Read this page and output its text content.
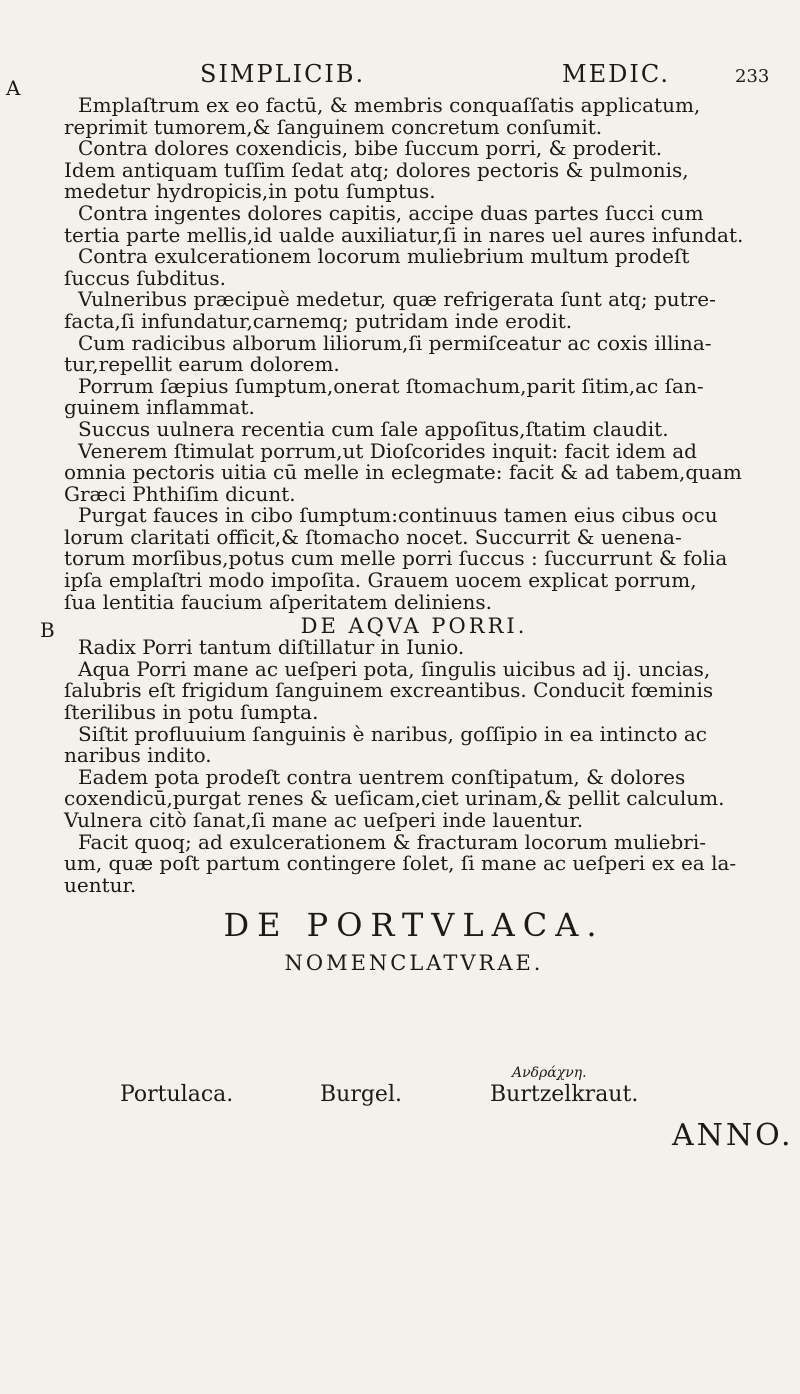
SIMPLICIB.	MEDIC.	233
A
B

Emplaſtrum ex eo factū, & membris conquaſſatis applicatum,
reprimit tumorem,& ſanguinem concretum conſumit.

Contra dolores coxendicis, bibe ſuccum porri, & proderit.
Idem antiquam tuſſim ſedat atq; dolores pectoris & pulmonis,
medetur hydropicis,in potu ſumptus.

Contra ingentes dolores capitis, accipe duas partes ſucci cum
tertia parte mellis,id ualde auxiliatur,ſi in nares uel aures infundat.

Contra exulcerationem locorum muliebrium multum prodeſt
ſuccus ſubditus.

Vulneribus præcipuè medetur, quæ refrigerata ſunt atq; putre-
facta,ſi infundatur,carnemq; putridam inde erodit.

Cum radicibus alborum liliorum,ſi permiſceatur ac coxis illina-
tur,repellit earum dolorem.

Porrum ſæpius ſumptum,onerat ſtomachum,parit ſitim,ac ſan-
guinem inflammat.

Succus uulnera recentia cum ſale appoſitus,ſtatim claudit.

Venerem ſtimulat porrum,ut Dioſcorides inquit: facit idem ad
omnia pectoris uitia cū melle in eclegmate: facit & ad tabem,quam
Græci Phthiſim dicunt.

Purgat fauces in cibo ſumptum:continuus tamen eius cibus ocu
lorum claritati officit,& ſtomacho nocet. Succurrit & uenena-
torum morſibus,potus cum melle porri ſuccus : ſuccurrunt & folia
ipſa emplaſtri modo impoſita. Grauem uocem explicat porrum,
ſua lentitia faucium aſperitatem deliniens.

DE AQVA PORRI.

Radix Porri tantum diſtillatur in Iunio.

Aqua Porri mane ac ueſperi pota, ſingulis uicibus ad ij. uncias,
ſalubris eſt frigidum ſanguinem excreantibus. Conducit fœminis
ſterilibus in potu ſumpta.

Siſtit profluuium ſanguinis è naribus, goſſipio in ea intincto ac
naribus indito.

Eadem pota prodeſt contra uentrem conſtipatum, & dolores
coxendicū,purgat renes & ueſicam,ciet urinam,& pellit calculum.
Vulnera citò ſanat,ſi mane ac ueſperi inde lauentur.

Facit quoq; ad exulcerationem & fracturam locorum muliebri-
um, quæ poſt partum contingere ſolet, ſi mane ac ueſperi ex ea la-
uentur.

DE PORTVLACA.

NOMENCLATVRAE.

Ανδράχνη.
Portulaca.	Burgel.	Burtzelkraut.
ANNO.
